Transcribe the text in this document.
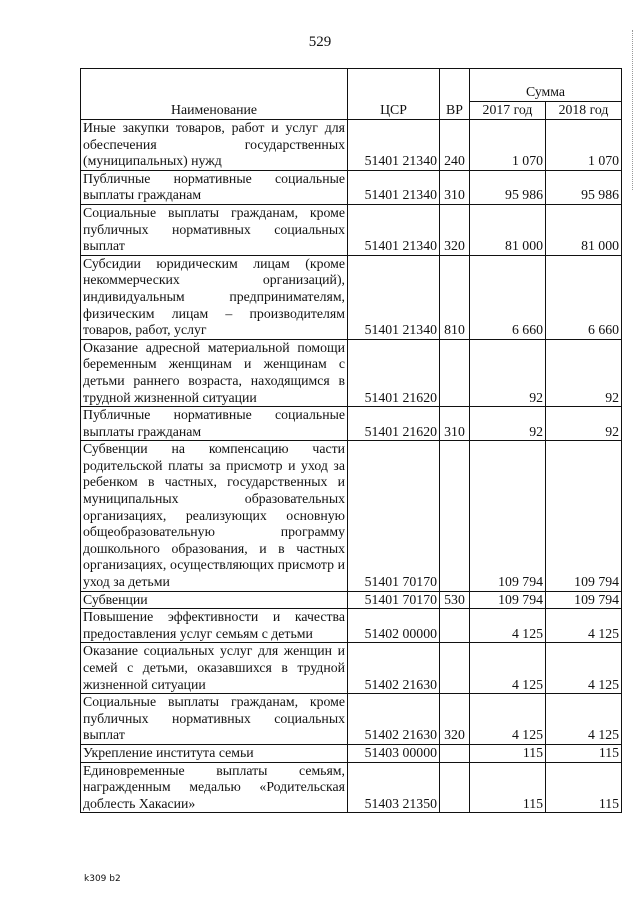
529
Наименование	ЦСР	ВР	Сумма	
			2017 год	2018 год
Иные закупки товаров, работ и услуг для обеспечения государственных (муниципальных) нужд	51401 21340	240	1 070	1 070
Публичные нормативные социальные выплаты гражданам	51401 21340	310	95 986	95 986
Социальные выплаты гражданам, кроме публичных нормативных социальных выплат	51401 21340	320	81 000	81 000
Субсидии юридическим лицам (кроме некоммерческих организаций), индивидуальным предпринимателям, физическим лицам – производителям товаров, работ, услуг	51401 21340	810	6 660	6 660
Оказание адресной материальной помощи беременным женщинам и женщинам с детьми раннего возраста, находящимся в трудной жизненной ситуации	51401 21620		92	92
Публичные нормативные социальные выплаты гражданам	51401 21620	310	92	92
Субвенции на компенсацию части родительской платы за присмотр и уход за ребенком в частных, государственных и муниципальных образовательных организациях, реализующих основную общеобразовательную программу дошкольного образования, и в частных организациях, осуществляющих присмотр и уход за детьми	51401 70170		109 794	109 794
Субвенции	51401 70170	530	109 794	109 794
Повышение эффективности и качества предоставления услуг семьям с детьми	51402 00000		4 125	4 125
Оказание социальных услуг для женщин и семей с детьми, оказавшихся в трудной жизненной ситуации	51402 21630		4 125	4 125
Социальные выплаты гражданам, кроме публичных нормативных социальных выплат	51402 21630	320	4 125	4 125
Укрепление института семьи	51403 00000		115	115
Единовременные выплаты семьям, награжденным медалью «Родительская доблесть Хакасии»	51403 21350		115	115
k309 b2
